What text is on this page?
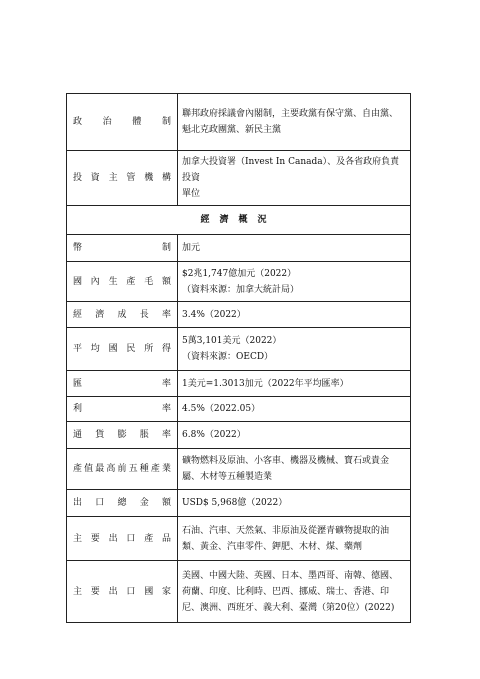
政治體制	聯邦政府採議會內閣制，主要政黨有保守黨、自由黨、
魁北克政團黨、新民主黨

投資主管機構	加拿大投資署（Invest In Canada）、及各省政府負責投資
單位

經濟概況	
幣制	加元

國內生產毛額	$2兆1,747億加元（2022）
（資料來源：加拿大統計局）

經濟成長率	3.4%（2022）

平均國民所得	5萬3,101美元（2022）
（資料來源：OECD）

匯率	1美元=1.3013加元（2022年平均匯率）

利率	4.5%（2022.05）

通貨膨脹率	6.8%（2022）

產值最高前五種產業	礦物燃料及原油、小客車、機器及機械、寶石或貴金
屬、木材等五種製造業

出口總金額	USD$ 5,968億（2022）

主要出口產品	石油、汽車、天然氣、非原油及從瀝青礦物提取的油
類、黃金、汽車零件、鉀肥、木材、煤、藥劑

主要出口國家	美國、中國大陸、英國、日本、墨西哥、南韓、德國、
荷蘭、印度、比利時、巴西、挪威、瑞士、香港、印
尼、澳洲、西班牙、義大利、臺灣（第20位）(2022)
